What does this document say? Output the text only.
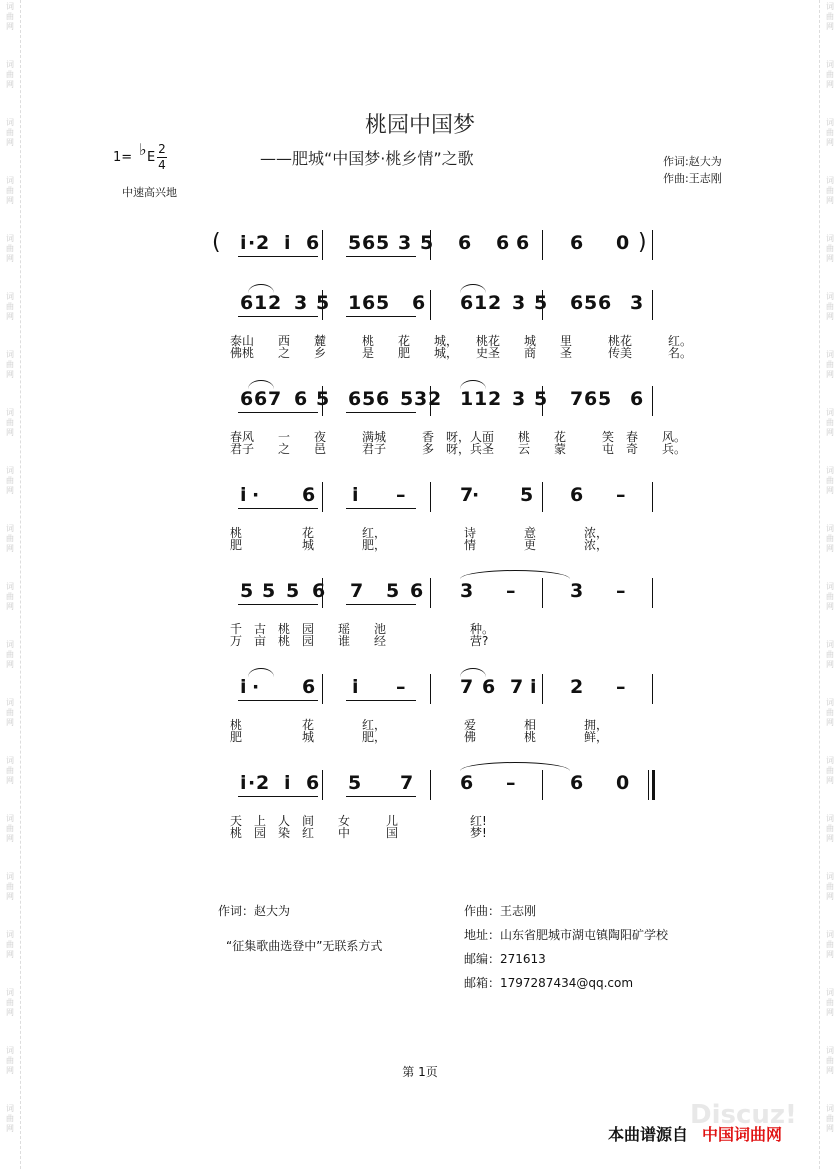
词
曲
网
词
曲
网
词
曲
网
词
曲
网
词
曲
网
词
曲
网
词
曲
网
词
曲
网
词
曲
网
词
曲
网
词
曲
网
词
曲
网
词
曲
网
词
曲
网
词
曲
网
词
曲
网
词
曲
网
词
曲
网
词
曲
网
词
曲
网
词
曲
网
词
曲
网
词
曲
网
词
曲
网
词
曲
网
词
曲
网
词
曲
网
词
曲
网
词
曲
网
词
曲
网
词
曲
网
词
曲
网
词
曲
网
词
曲
网
词
曲
网
词
曲
网
词
曲
网
词
曲
网
词
曲
网
词
曲
网
桃园中国梦
——肥城“中国梦·桃乡情”之歌
1= ♭ E
2
4
中速高兴地
作词:赵大为
作曲:王志刚
(	)
i · 2 i 6 5 6 5 3 5 6 6 6 6 0
6 1 2 3 5 1 6 5 6 6 1 2 3 5 6 5 6 3
泰山　　西　　麓　　　桃　　花　　城，　　桃花　　城　　里　　　桃花　　　红。
佛桃　　之　　乡　　　是　　肥　　城，　　史圣　　商　　圣　　　传美　　　名。
6 6 7 6 5 6 5 6 5 3 2 1 1 2 3 5 7 6 5 6
春风　　一　　夜　　　满城　　　香　呀，人面　　桃　　花　　　笑　春　　风。
君子　　之　　邑　　　君子　　　多　呀，兵圣　　云　　蒙　　　屯　奇　　兵。
i · 6 i –	7
· 5 6 –
桃　　　　　花　　　　红，　　　　　　　诗　　　　意　　　　浓，
肥　　　　　城　　　　肥，　　　　　　　情　　　　更　　　　浓，
5 5 5 6 7 5 6 3 –	3 –
千　古　桃　园　　瑶　　池　　　　　　　种。
万　亩　桃　园　　谁　　经　　　　　　　营?
i · 6 i –	7 6 7 i 2 –
桃　　　　　花　　　　红，　　　　　　　爱　　　　相　　　　拥，
肥　　　　　城　　　　肥，　　　　　　　佛　　　　桃　　　　鲜，
i · 2 i 6 5 7 6 –	6 0
天　上　人　间　　女　　　儿　　　　　　红!
桃　园　染　红　　中　　　国　　　　　　梦!
作词：赵大为
“征集歌曲选登中”无联系方式
作曲：王志刚
地址：山东省肥城市湖屯镇陶阳矿学校
邮编：271613
邮箱：1797287434@qq.com
第 1页
Discuz!
本曲谱源自 中国词曲网
